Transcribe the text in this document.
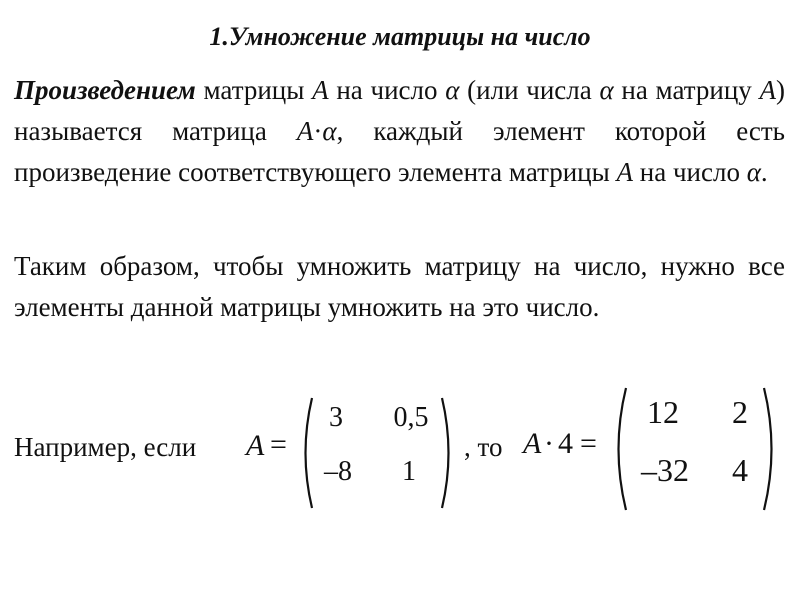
1.Умножение матрицы на число
Произведением матрицы А на число α (или числа α на матрицу А) называется матрица А·α, каждый элемент которой есть произведение соответствующего элемента матрицы А на число α.
Таким образом, чтобы умножить матрицу на число, нужно все элементы данной матрицы умножить на это число.
Например, если A =
3	0,5
–8	1
, то A · 4 =
12	2
–32	4
